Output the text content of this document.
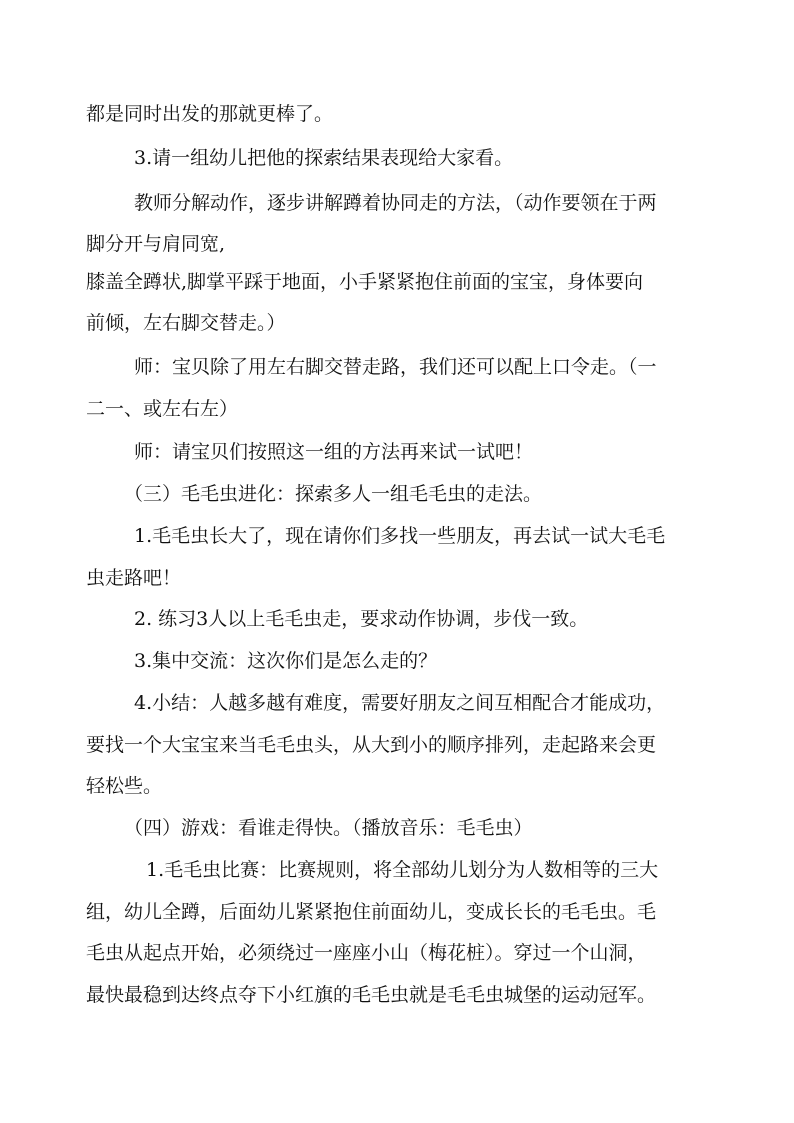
都是同时出发的那就更棒了。
3.请一组幼儿把他的探索结果表现给大家看。
教师分解动作，逐步讲解蹲着协同走的方法，（动作要领在于两
脚分开与肩同宽,
膝盖全蹲状,脚掌平踩于地面，小手紧紧抱住前面的宝宝，身体要向
前倾，左右脚交替走。）
师：宝贝除了用左右脚交替走路，我们还可以配上口令走。（一
二一、或左右左）
师：请宝贝们按照这一组的方法再来试一试吧！
（三）毛毛虫进化：探索多人一组毛毛虫的走法。
1.毛毛虫长大了，现在请你们多找一些朋友，再去试一试大毛毛
虫走路吧！
2. 练习3人以上毛毛虫走，要求动作协调，步伐一致。
3.集中交流：这次你们是怎么走的？
4.小结：人越多越有难度，需要好朋友之间互相配合才能成功，
要找一个大宝宝来当毛毛虫头，从大到小的顺序排列，走起路来会更
轻松些。
（四）游戏：看谁走得快。（播放音乐：毛毛虫）
1.毛毛虫比赛：比赛规则，将全部幼儿划分为人数相等的三大
组，幼儿全蹲，后面幼儿紧紧抱住前面幼儿，变成长长的毛毛虫。毛
毛虫从起点开始，必须绕过一座座小山（梅花桩）。穿过一个山洞，
最快最稳到达终点夺下小红旗的毛毛虫就是毛毛虫城堡的运动冠军。
